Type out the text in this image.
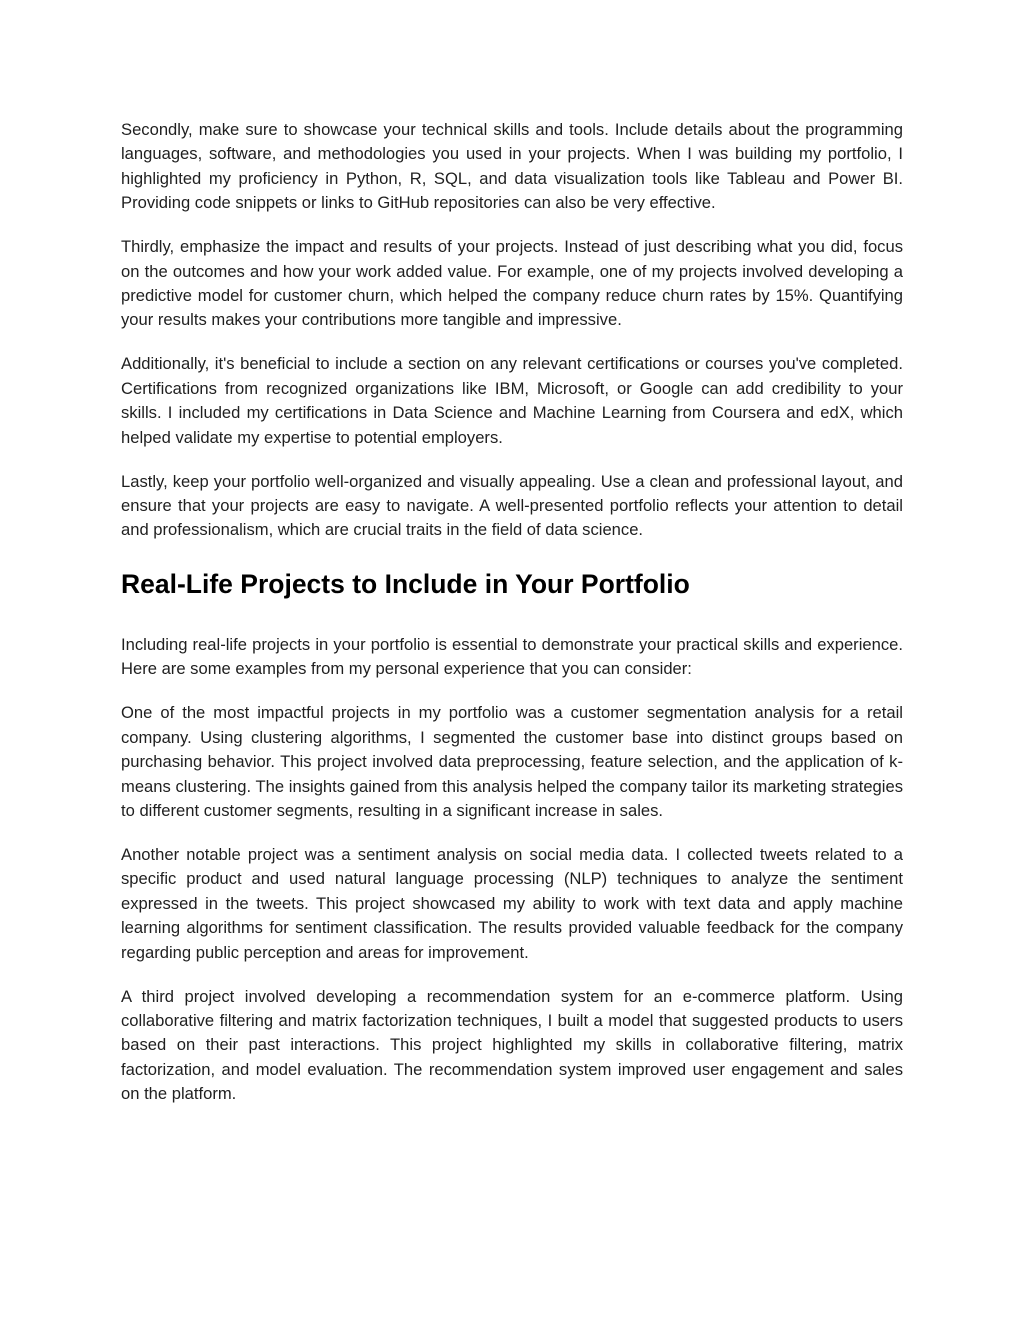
Secondly, make sure to showcase your technical skills and tools. Include details about the programming languages, software, and methodologies you used in your projects. When I was building my portfolio, I highlighted my proficiency in Python, R, SQL, and data visualization tools like Tableau and Power BI. Providing code snippets or links to GitHub repositories can also be very effective.

Thirdly, emphasize the impact and results of your projects. Instead of just describing what you did, focus on the outcomes and how your work added value. For example, one of my projects involved developing a predictive model for customer churn, which helped the company reduce churn rates by 15%. Quantifying your results makes your contributions more tangible and impressive.

Additionally, it's beneficial to include a section on any relevant certifications or courses you've completed. Certifications from recognized organizations like IBM, Microsoft, or Google can add credibility to your skills. I included my certifications in Data Science and Machine Learning from Coursera and edX, which helped validate my expertise to potential employers.

Lastly, keep your portfolio well-organized and visually appealing. Use a clean and professional layout, and ensure that your projects are easy to navigate. A well-presented portfolio reflects your attention to detail and professionalism, which are crucial traits in the field of data science.

Real-Life Projects to Include in Your Portfolio

Including real-life projects in your portfolio is essential to demonstrate your practical skills and experience. Here are some examples from my personal experience that you can consider:

One of the most impactful projects in my portfolio was a customer segmentation analysis for a retail company. Using clustering algorithms, I segmented the customer base into distinct groups based on purchasing behavior. This project involved data preprocessing, feature selection, and the application of k-means clustering. The insights gained from this analysis helped the company tailor its marketing strategies to different customer segments, resulting in a significant increase in sales.

Another notable project was a sentiment analysis on social media data. I collected tweets related to a specific product and used natural language processing (NLP) techniques to analyze the sentiment expressed in the tweets. This project showcased my ability to work with text data and apply machine learning algorithms for sentiment classification. The results provided valuable feedback for the company regarding public perception and areas for improvement.

A third project involved developing a recommendation system for an e-commerce platform. Using collaborative filtering and matrix factorization techniques, I built a model that suggested products to users based on their past interactions. This project highlighted my skills in collaborative filtering, matrix factorization, and model evaluation. The recommendation system improved user engagement and sales on the platform.
